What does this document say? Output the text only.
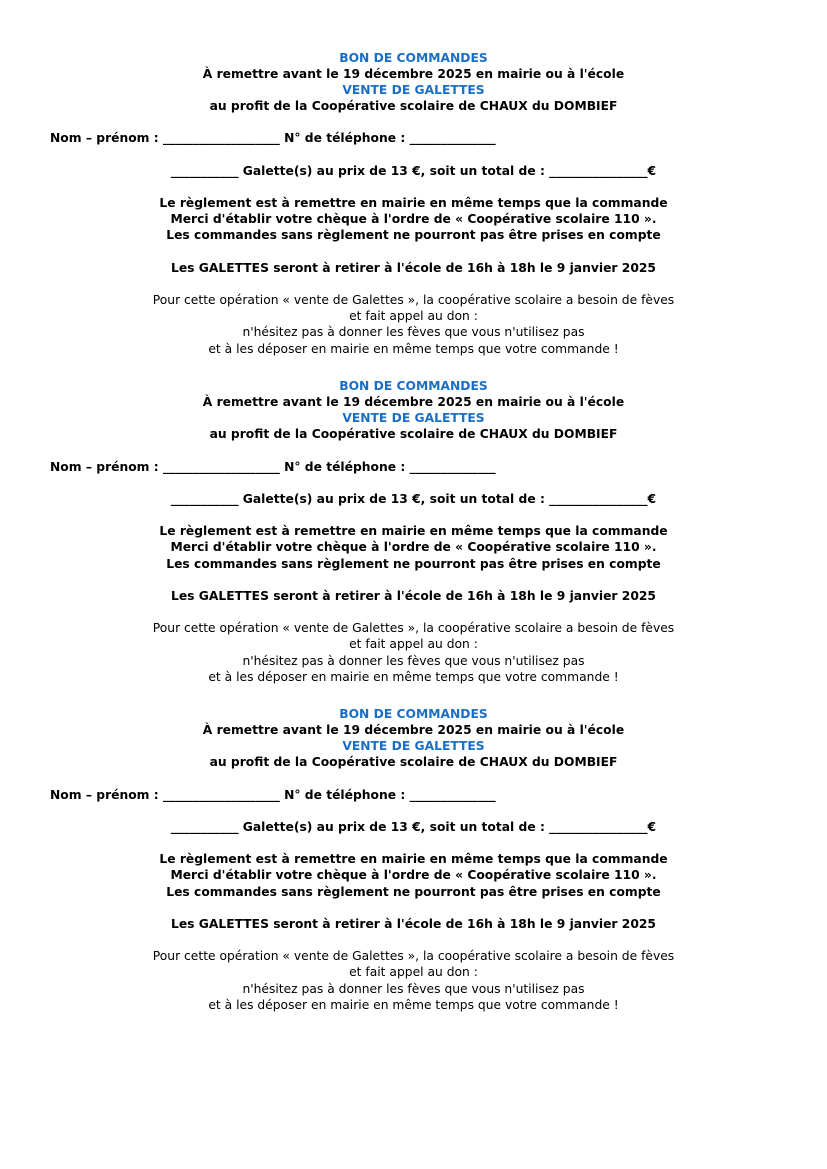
BON DE COMMANDES
À remettre avant le 19 décembre 2025 en mairie ou à l'école
VENTE DE GALETTES
au profit de la Coopérative scolaire de CHAUX du DOMBIEF
Nom – prénom : ___________________ N° de téléphone : ______________
___________ Galette(s) au prix de 13 €, soit un total de : ________________€
Le règlement est à remettre en mairie en même temps que la commande
Merci d'établir votre chèque à l'ordre de « Coopérative scolaire 110 ».
Les commandes sans règlement ne pourront pas être prises en compte
Les GALETTES seront à retirer à l'école de 16h à 18h le 9 janvier 2025
Pour cette opération « vente de Galettes », la coopérative scolaire a besoin de fèves
et fait appel au don :
n'hésitez pas à donner les fèves que vous n'utilisez pas
et à les déposer en mairie en même temps que votre commande !
BON DE COMMANDES
À remettre avant le 19 décembre 2025 en mairie ou à l'école
VENTE DE GALETTES
au profit de la Coopérative scolaire de CHAUX du DOMBIEF
Nom – prénom : ___________________ N° de téléphone : ______________
___________ Galette(s) au prix de 13 €, soit un total de : ________________€
Le règlement est à remettre en mairie en même temps que la commande
Merci d'établir votre chèque à l'ordre de « Coopérative scolaire 110 ».
Les commandes sans règlement ne pourront pas être prises en compte
Les GALETTES seront à retirer à l'école de 16h à 18h le 9 janvier 2025
Pour cette opération « vente de Galettes », la coopérative scolaire a besoin de fèves
et fait appel au don :
n'hésitez pas à donner les fèves que vous n'utilisez pas
et à les déposer en mairie en même temps que votre commande !
BON DE COMMANDES
À remettre avant le 19 décembre 2025 en mairie ou à l'école
VENTE DE GALETTES
au profit de la Coopérative scolaire de CHAUX du DOMBIEF
Nom – prénom : ___________________ N° de téléphone : ______________
___________ Galette(s) au prix de 13 €, soit un total de : ________________€
Le règlement est à remettre en mairie en même temps que la commande
Merci d'établir votre chèque à l'ordre de « Coopérative scolaire 110 ».
Les commandes sans règlement ne pourront pas être prises en compte
Les GALETTES seront à retirer à l'école de 16h à 18h le 9 janvier 2025
Pour cette opération « vente de Galettes », la coopérative scolaire a besoin de fèves
et fait appel au don :
n'hésitez pas à donner les fèves que vous n'utilisez pas
et à les déposer en mairie en même temps que votre commande !
